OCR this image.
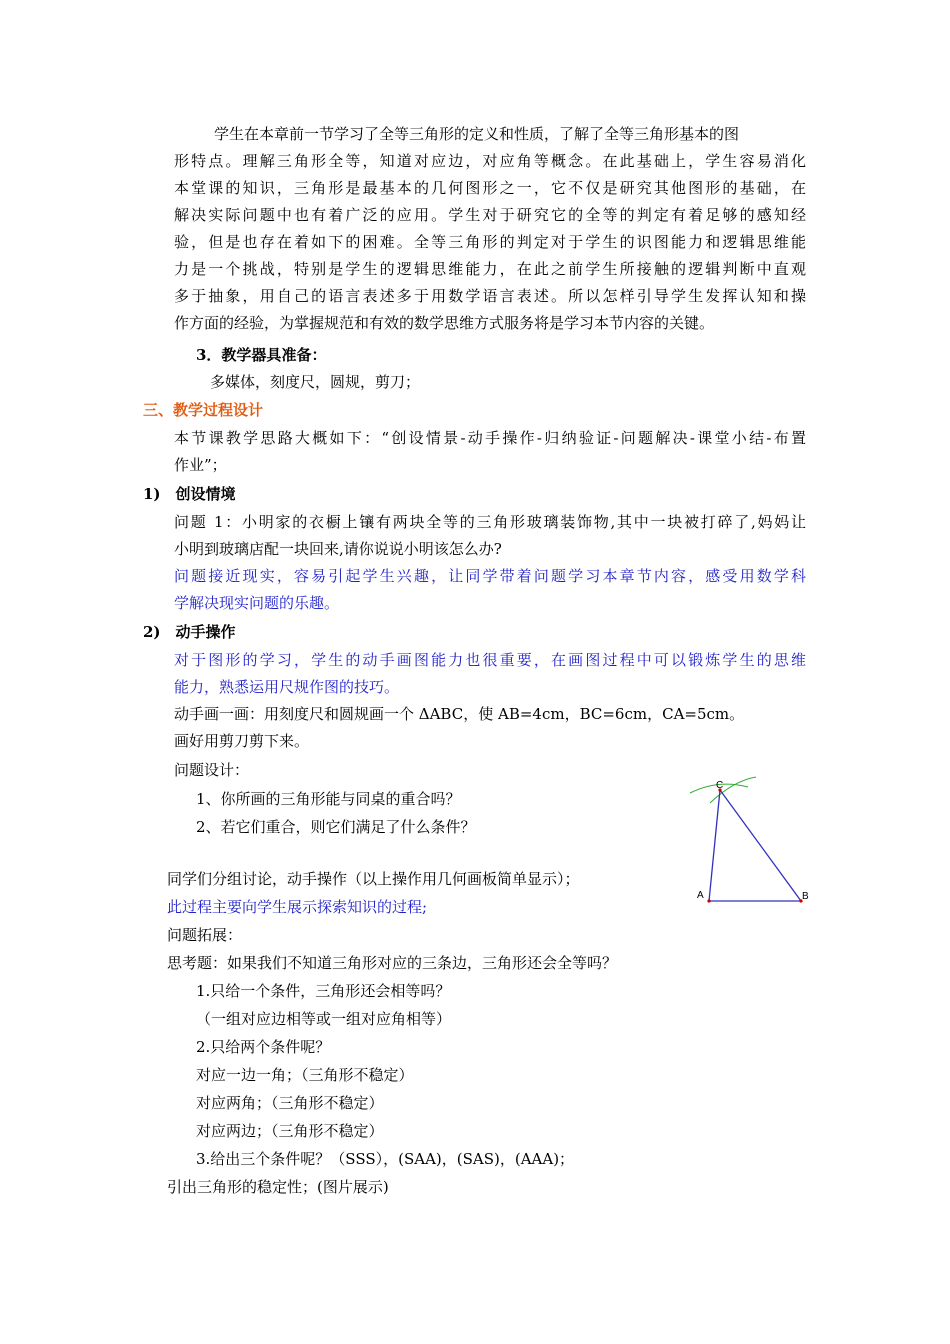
学生在本章前一节学习了全等三角形的定义和性质，了解了全等三角形基本的图
形特点。理解三角形全等，知道对应边，对应角等概念。在此基础上，学生容易消化
本堂课的知识，三角形是最基本的几何图形之一，它不仅是研究其他图形的基础，在
解决实际问题中也有着广泛的应用。学生对于研究它的全等的判定有着足够的感知经
验，但是也存在着如下的困难。全等三角形的判定对于学生的识图能力和逻辑思维能
力是一个挑战，特别是学生的逻辑思维能力，在此之前学生所接触的逻辑判断中直观
多于抽象，用自己的语言表述多于用数学语言表述。所以怎样引导学生发挥认知和操
作方面的经验，为掌握规范和有效的数学思维方式服务将是学习本节内容的关键。
3．教学器具准备：
多媒体，刻度尺，圆规，剪刀；
三、教学过程设计
本节课教学思路大概如下：“创设情景-动手操作-归纳验证-问题解决-课堂小结-布置
作业”；
1)　创设情境
问题 1：小明家的衣橱上镶有两块全等的三角形玻璃装饰物,其中一块被打碎了,妈妈让
小明到玻璃店配一块回来,请你说说小明该怎么办?
问题接近现实，容易引起学生兴趣，让同学带着问题学习本章节内容，感受用数学科
学解决现实问题的乐趣。
2)　动手操作
对于图形的学习，学生的动手画图能力也很重要，在画图过程中可以锻炼学生的思维
能力，熟悉运用尺规作图的技巧。
动手画一画：用刻度尺和圆规画一个 ΔABC，使 AB=4cm，BC=6cm，CA=5cm。
画好用剪刀剪下来。
问题设计：
1、你所画的三角形能与同桌的重合吗？
2、若它们重合，则它们满足了什么条件？
同学们分组讨论，动手操作（以上操作用几何画板简单显示）；
此过程主要向学生展示探索知识的过程;
问题拓展：
思考题：如果我们不知道三角形对应的三条边，三角形还会全等吗？
1.只给一个条件，三角形还会相等吗？
（一组对应边相等或一组对应角相等）
2.只给两个条件呢？
对应一边一角；（三角形不稳定）
对应两角；（三角形不稳定）
对应两边；（三角形不稳定）
3.给出三个条件呢？（SSS），(SAA)，(SAS)，(AAA)；
引出三角形的稳定性；(图片展示)
C
A	B
